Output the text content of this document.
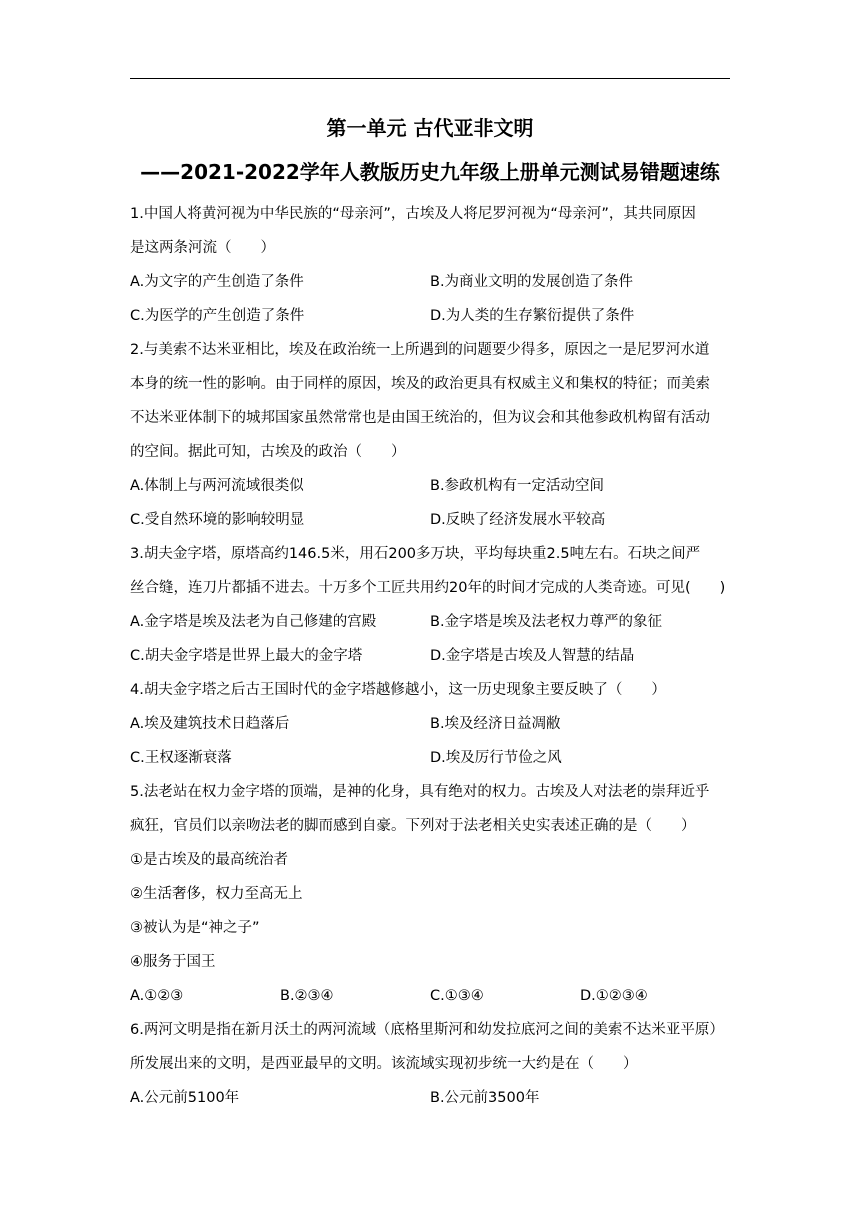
第一单元 古代亚非文明
——2021-2022学年人教版历史九年级上册单元测试易错题速练
1.中国人将黄河视为中华民族的“母亲河”，古埃及人将尼罗河视为“母亲河”，其共同原因
是这两条河流（　　）
A.为文字的产生创造了条件	B.为商业文明的发展创造了条件
C.为医学的产生创造了条件	D.为人类的生存繁衍提供了条件
2.与美索不达米亚相比，埃及在政治统一上所遇到的问题要少得多，原因之一是尼罗河水道
本身的统一性的影响。由于同样的原因，埃及的政治更具有权威主义和集权的特征；而美索
不达米亚体制下的城邦国家虽然常常也是由国王统治的，但为议会和其他参政机构留有活动
的空间。据此可知，古埃及的政治（　　）
A.体制上与两河流域很类似	B.参政机构有一定活动空间
C.受自然环境的影响较明显	D.反映了经济发展水平较高
3.胡夫金字塔，原塔高约146.5米，用石200多万块，平均每块重2.5吨左右。石块之间严
丝合缝，连刀片都插不进去。十万多个工匠共用约20年的时间才完成的人类奇迹。可见(　　)
A.金字塔是埃及法老为自己修建的宫殿	B.金字塔是埃及法老权力尊严的象征
C.胡夫金字塔是世界上最大的金字塔	D.金字塔是古埃及人智慧的结晶
4.胡夫金字塔之后古王国时代的金字塔越修越小，这一历史现象主要反映了（　　）
A.埃及建筑技术日趋落后	B.埃及经济日益凋敝
C.王权逐渐衰落	D.埃及厉行节俭之风
5.法老站在权力金字塔的顶端，是神的化身，具有绝对的权力。古埃及人对法老的崇拜近乎
疯狂，官员们以亲吻法老的脚而感到自豪。下列对于法老相关史实表述正确的是（　　）
①是古埃及的最高统治者
②生活奢侈，权力至高无上
③被认为是“神之子”
④服务于国王
A.①②③	B.②③④	C.①③④	D.①②③④
6.两河文明是指在新月沃土的两河流域（底格里斯河和幼发拉底河之间的美索不达米亚平原）
所发展出来的文明，是西亚最早的文明。该流域实现初步统一大约是在（　　）
A.公元前5100年	B.公元前3500年
